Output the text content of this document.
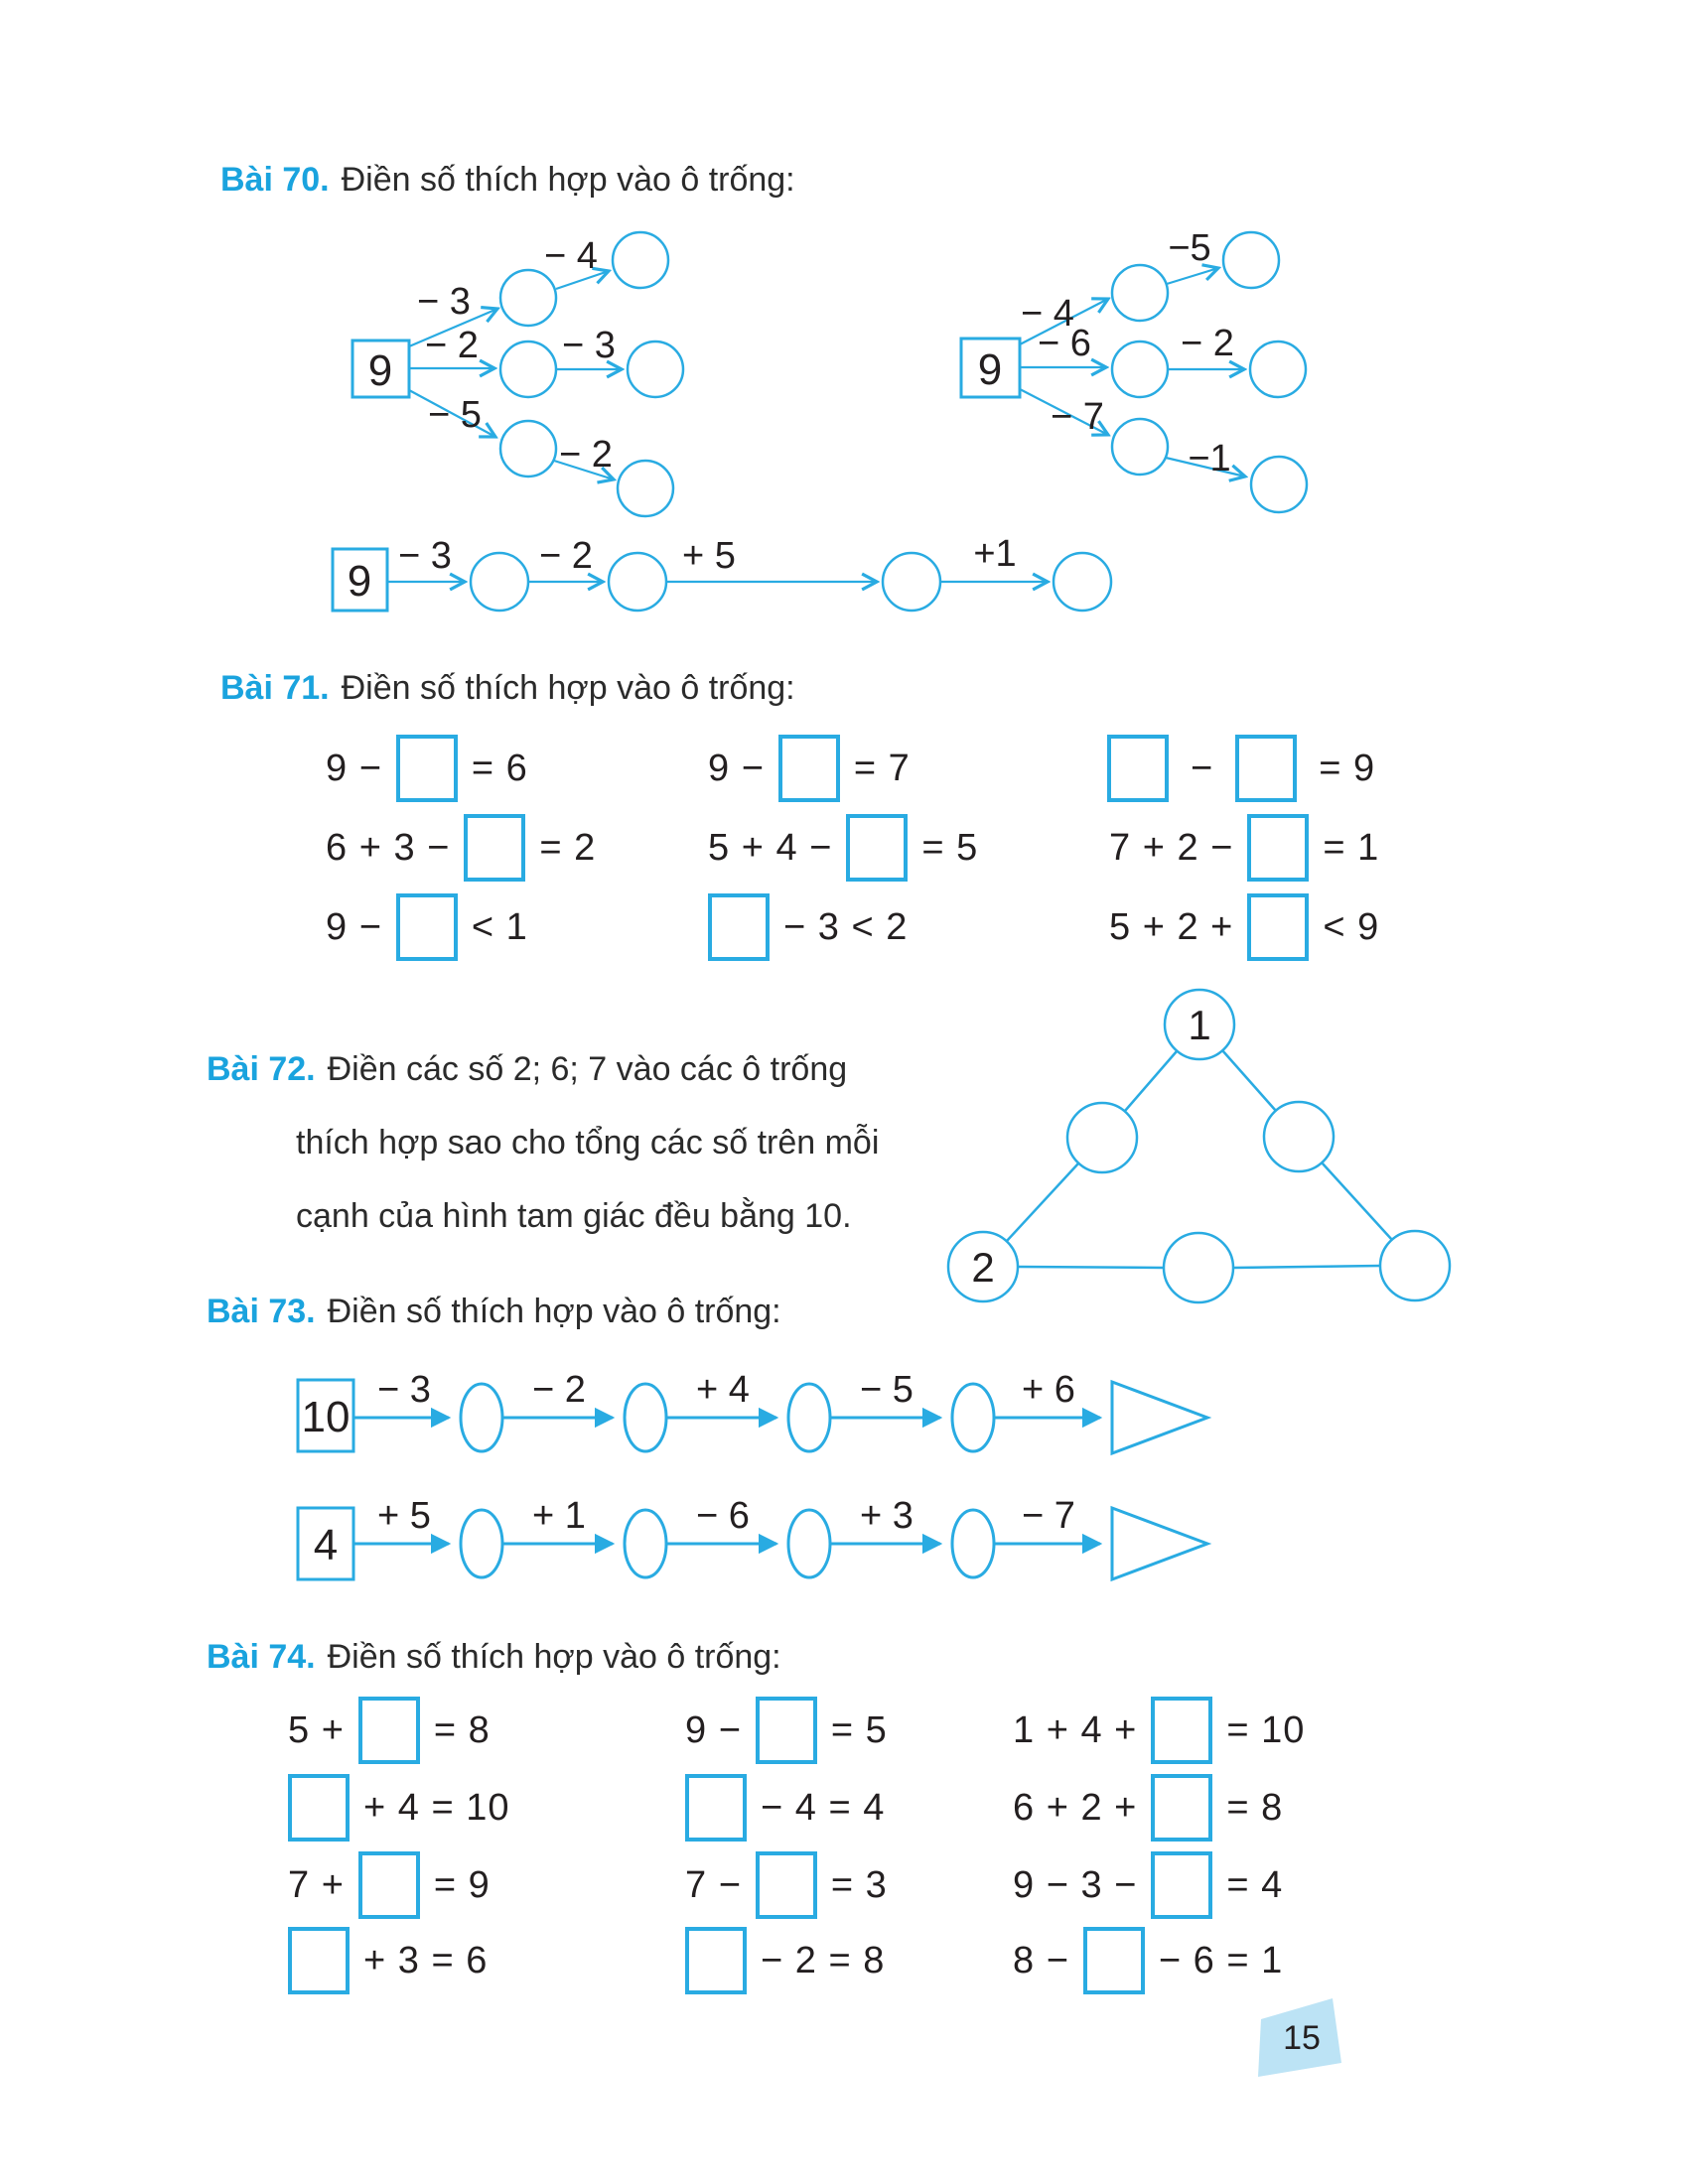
Bài 70. Điền số thích hợp vào ô trống:
9
− 3
− 4
− 2 − 3
− 5
− 2
9
− 4
−5
− 6 − 2
− 7
−1
9
− 3 − 2 + 5	+1
Bài 71. Điền số thích hợp vào ô trống:
9 − = 6
6 + 3 − = 2
9 − < 1
9 − = 7
5 + 4 − = 5
− 3 < 2
−	= 9
7 + 2 − = 1
5 + 2 + < 9
Bài 72. Điền các số 2; 6; 7 vào các ô trống
thích hợp sao cho tổng các số trên mỗi
cạnh của hình tam giác đều bằng 10.
1
2
Bài 73. Điền số thích hợp vào ô trống:
10
− 3	− 2	+ 4	− 5	+ 6
4
+ 5	+ 1	− 6	+ 3	− 7
Bài 74. Điền số thích hợp vào ô trống:
5 + = 8
+ 4 = 10
7 + = 9
+ 3 = 6
9 − = 5
− 4 = 4
7 − = 3
− 2 = 8
1 + 4 + = 10
6 + 2 + = 8
9 − 3 − = 4
8 − − 6 = 1
15
